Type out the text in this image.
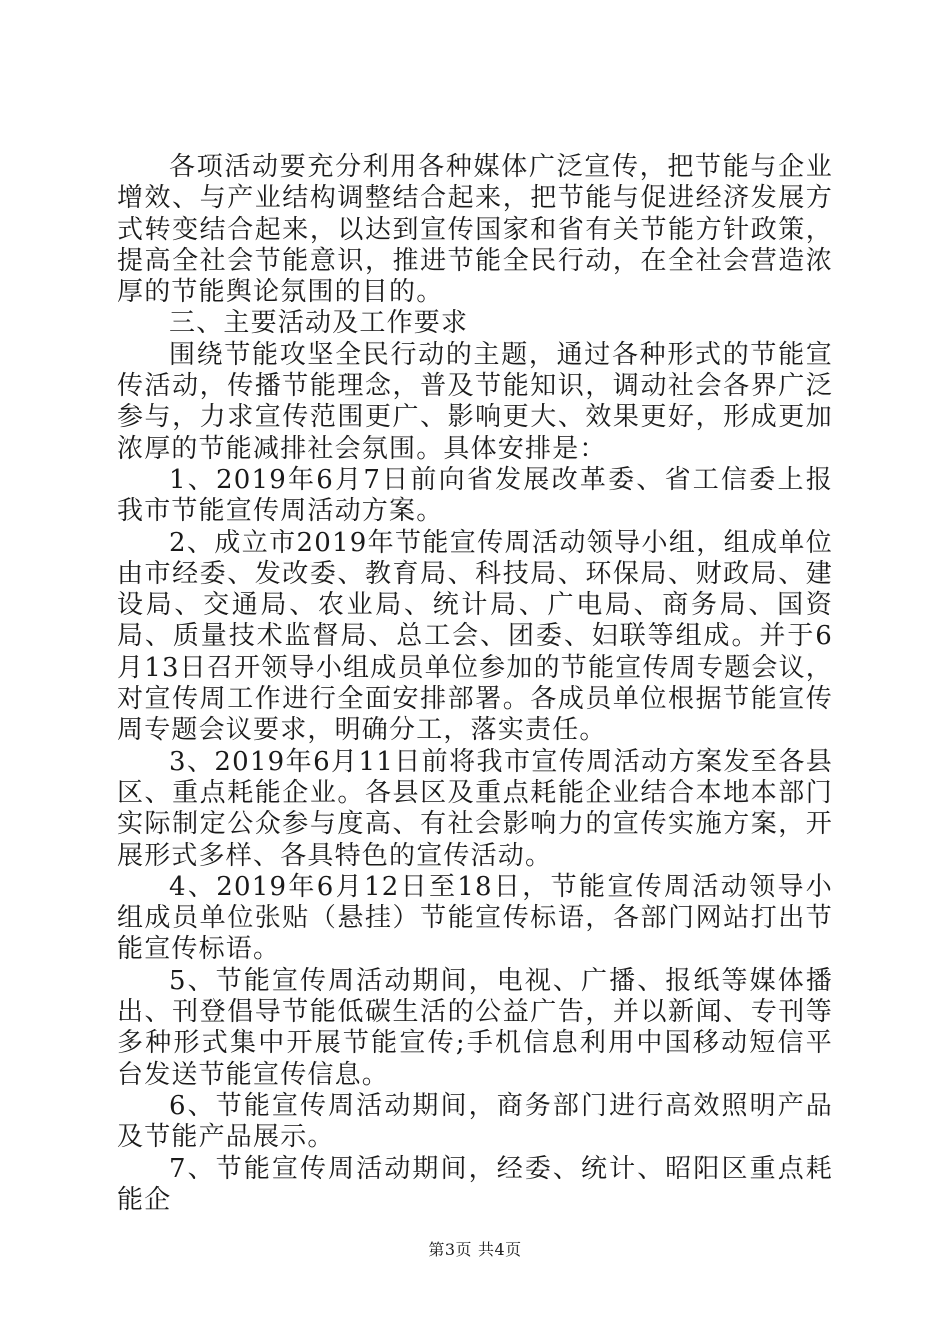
各项活动要充分利用各种媒体广泛宣传，把节能与企业增效、与产业结构调整结合起来，把节能与促进经济发展方式转变结合起来，以达到宣传国家和省有关节能方针政策，提高全社会节能意识，推进节能全民行动，在全社会营造浓厚的节能舆论氛围的目的。

三、主要活动及工作要求

围绕节能攻坚全民行动的主题，通过各种形式的节能宣传活动，传播节能理念，普及节能知识，调动社会各界广泛参与，力求宣传范围更广、影响更大、效果更好，形成更加浓厚的节能减排社会氛围。具体安排是：

1、2019年6月7日前向省发展改革委、省工信委上报我市节能宣传周活动方案。

2、成立市2019年节能宣传周活动领导小组，组成单位由市经委、发改委、教育局、科技局、环保局、财政局、建设局、交通局、农业局、统计局、广电局、商务局、国资局、质量技术监督局、总工会、团委、妇联等组成。并于6月13日召开领导小组成员单位参加的节能宣传周专题会议，对宣传周工作进行全面安排部署。各成员单位根据节能宣传周专题会议要求，明确分工，落实责任。

3、2019年6月11日前将我市宣传周活动方案发至各县区、重点耗能企业。各县区及重点耗能企业结合本地本部门实际制定公众参与度高、有社会影响力的宣传实施方案，开展形式多样、各具特色的宣传活动。

4、2019年6月12日至18日，节能宣传周活动领导小组成员单位张贴（悬挂）节能宣传标语，各部门网站打出节能宣传标语。

5、节能宣传周活动期间，电视、广播、报纸等媒体播出、刊登倡导节能低碳生活的公益广告，并以新闻、专刊等多种形式集中开展节能宣传;手机信息利用中国移动短信平台发送节能宣传信息。

6、节能宣传周活动期间，商务部门进行高效照明产品及节能产品展示。

7、节能宣传周活动期间，经委、统计、昭阳区重点耗能企

第3页 共4页
